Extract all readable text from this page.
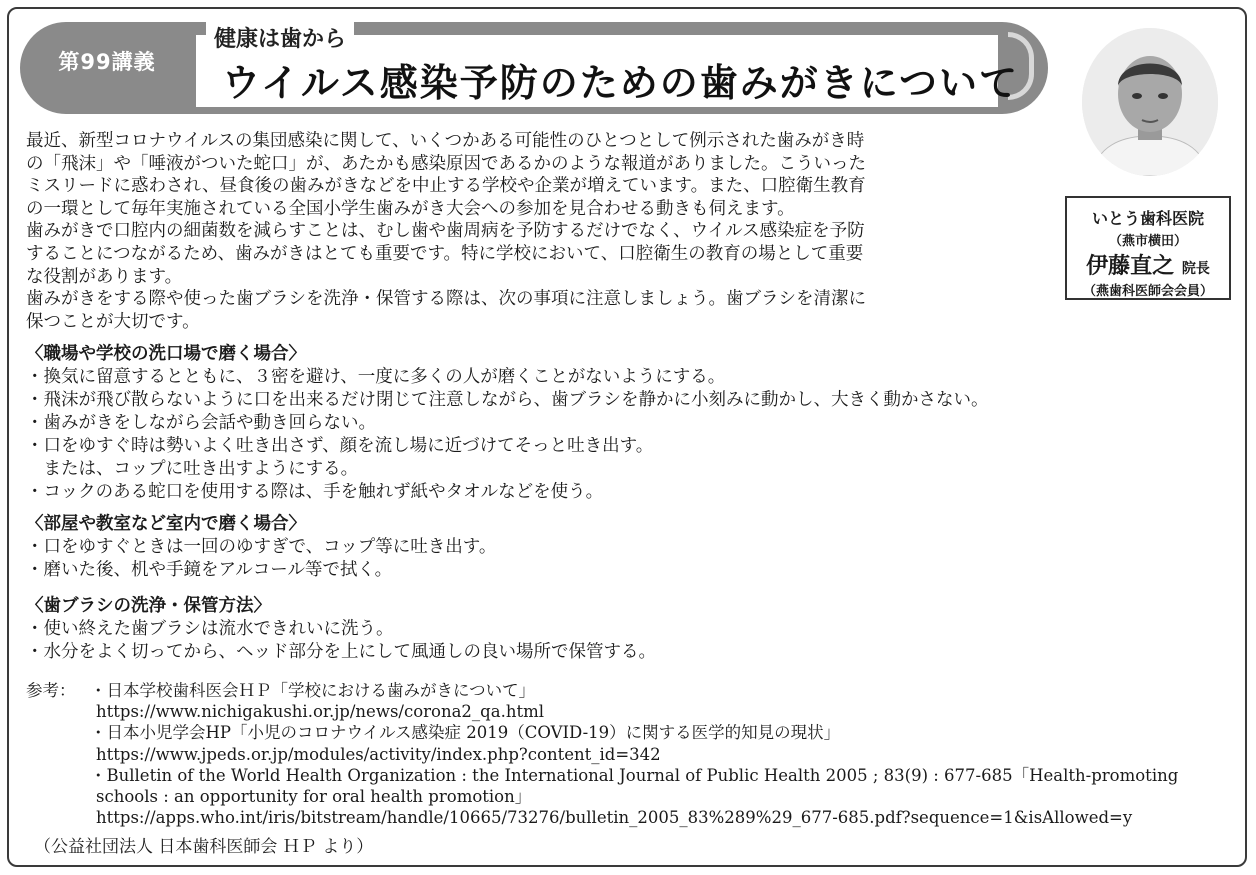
第99講義
健康は歯から
ウイルス感染予防のための歯みがきについて
いとう歯科医院
（燕市横田）
伊藤直之 院長
（燕歯科医師会会員）
最近、新型コロナウイルスの集団感染に関して、いくつかある可能性のひとつとして例示された歯みがき時
の「飛沫」や「唾液がついた蛇口」が、あたかも感染原因であるかのような報道がありました。こういった
ミスリードに惑わされ、昼食後の歯みがきなどを中止する学校や企業が増えています。また、口腔衛生教育
の一環として毎年実施されている全国小学生歯みがき大会への参加を見合わせる動きも伺えます。
歯みがきで口腔内の細菌数を減らすことは、むし歯や歯周病を予防するだけでなく、ウイルス感染症を予防
することにつながるため、歯みがきはとても重要です。特に学校において、口腔衛生の教育の場として重要
な役割があります。
歯みがきをする際や使った歯ブラシを洗浄・保管する際は、次の事項に注意しましょう。歯ブラシを清潔に
保つことが大切です。
〈職場や学校の洗口場で磨く場合〉
・換気に留意するとともに、３密を避け、一度に多くの人が磨くことがないようにする。
・飛沫が飛び散らないように口を出来るだけ閉じて注意しながら、歯ブラシを静かに小刻みに動かし、大きく動かさない。
・歯みがきをしながら会話や動き回らない。
・口をゆすぐ時は勢いよく吐き出さず、顔を流し場に近づけてそっと吐き出す。
　または、コップに吐き出すようにする。
・コックのある蛇口を使用する際は、手を触れず紙やタオルなどを使う。
〈部屋や教室など室内で磨く場合〉
・口をゆすぐときは一回のゆすぎで、コップ等に吐き出す。
・磨いた後、机や手鏡をアルコール等で拭く。
〈歯ブラシの洗浄・保管方法〉
・使い終えた歯ブラシは流水できれいに洗う。
・水分をよく切ってから、ヘッド部分を上にして風通しの良い場所で保管する。
参考： ・日本学校歯科医会ＨＰ「学校における歯みがきについて」
https://www.nichigakushi.or.jp/news/corona2_qa.html
・日本小児学会HP「小児のコロナウイルス感染症 2019（COVID-19）に関する医学的知見の現状」
https://www.jpeds.or.jp/modules/activity/index.php?content_id=342
・Bulletin of the World Health Organization : the International Journal of Public Health 2005 ; 83(9) : 677-685「Health-promoting
schools : an opportunity for oral health promotion」
https://apps.who.int/iris/bitstream/handle/10665/73276/bulletin_2005_83%289%29_677-685.pdf?sequence=1&isAllowed=y
（公益社団法人 日本歯科医師会 ＨＰ より）
